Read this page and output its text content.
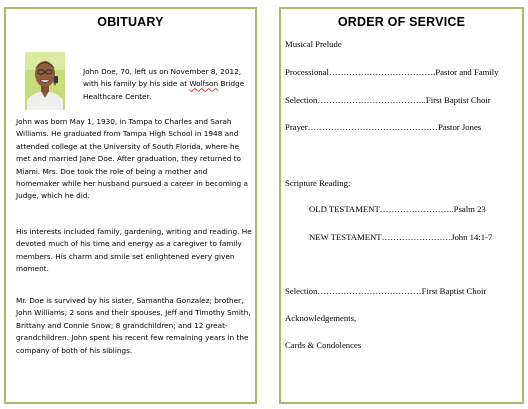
OBITUARY

John Doe, 70, left us on November 8, 2012, with his family by his side at Wolfson Bridge Healthcare Center.

John was born May 1, 1930, in Tampa to Charles and Sarah Williams. He graduated from Tampa High School in 1948 and attended college at the University of South Florida, where he met and married Jane Doe. After graduation, they returned to Miami. Mrs. Doe took the role of being a mother and homemaker while her husband pursued a career in becoming a Judge, which he did.

His interests included family, gardening, writing and reading. He devoted much of his time and energy as a caregiver to family members. His charm and smile set enlightened every given moment.

Mr. Doe is survived by his sister, Samantha Gonzalez; brother, John Williams; 2 sons and their spouses, Jeff and Timothy Smith, Brittany and Connie Snow; 8 grandchildren; and 12 great-grandchildren. John spent his recent few remaining years in the company of both of his siblings.

ORDER OF SERVICE
Musical Prelude
Processional……………………………….Pastor and Family
Selection………………………………..First Baptist Choir
Prayer………………………………………Pastor Jones
Scripture Reading:
OLD TESTAMENT……………………..Psalm 23
NEW TESTAMENT……………………John 14:1-7
Selection………………………………First Baptist Choir
Acknowledgements,
Cards & Condolences
